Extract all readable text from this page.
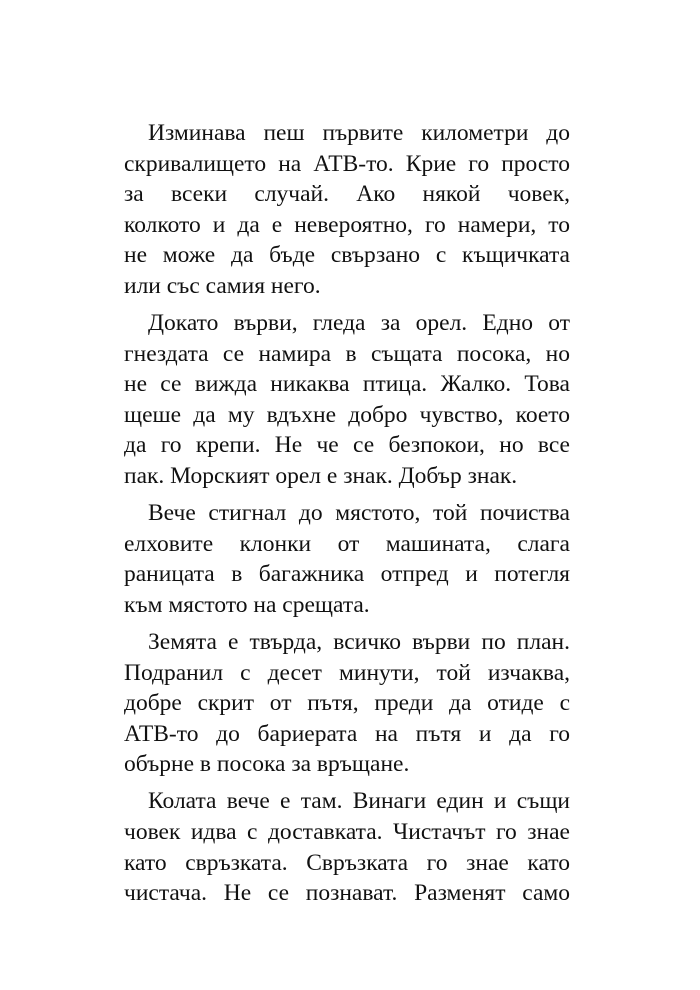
Изминава пеш първите километри до
скривалището на АТВ-то. Крие го просто
за всеки случай. Ако някой човек,
колкото и да е невероятно, го намери, то
не може да бъде свързано с къщичката
или със самия него.

Докато върви, гледа за орел. Едно от
гнездата се намира в същата посока, но
не се вижда никаква птица. Жалко. Това
щеше да му вдъхне добро чувство, което
да го крепи. Не че се безпокои, но все
пак. Морският орел е знак. Добър знак.

Вече стигнал до мястото, той почиства
елховите клонки от машината, слага
раницата в багажника отпред и потегля
към мястото на срещата.

Земята е твърда, всичко върви по план.
Подранил с десет минути, той изчаква,
добре скрит от пътя, преди да отиде с
АТВ-то до бариерата на пътя и да го
обърне в посока за връщане.

Колата вече е там. Винаги един и същи
човек идва с доставката. Чистачът го знае
като свръзката. Свръзката го знае като
чистача. Не се познават. Разменят само
